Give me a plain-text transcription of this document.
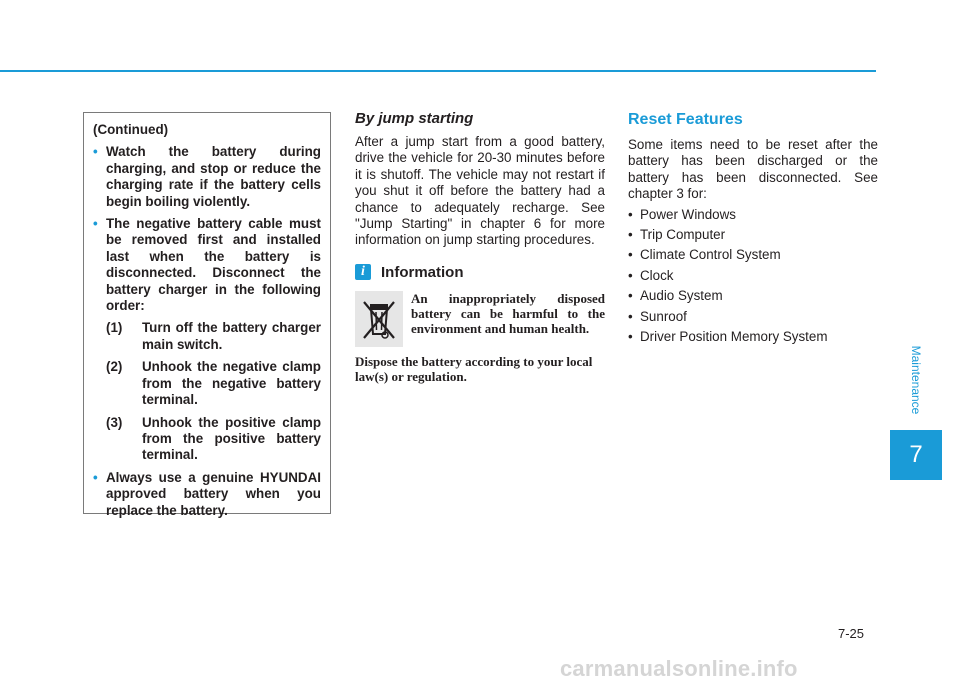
(Continued)
• Watch the battery during charging, and stop or reduce the charging rate if the battery cells begin boiling violently.
• The negative battery cable must be removed first and installed last when the battery is disconnected. Disconnect the battery charger in the following order:
(1) Turn off the battery charger main switch.
(2) Unhook the negative clamp from the negative battery terminal.
(3) Unhook the positive clamp from the positive battery terminal.
• Always use a genuine HYUNDAI approved battery when you replace the battery.
By jump starting

After a jump start from a good battery, drive the vehicle for 20-30 minutes before it is shutoff. The vehicle may not restart if you shut it off before the battery had a chance to adequately recharge. See "Jump Starting" in chapter 6 for more information on jump starting procedures.

i	Information
An inappropriately disposed battery can be harmful to the environment and human health.
Dispose the battery according to your local law(s) or regulation.
Reset Features

Some items need to be reset after the battery has been discharged or the battery has been disconnected. See chapter 3 for:

• Power Windows
• Trip Computer
• Climate Control System
• Clock
• Audio System
• Sunroof
• Driver Position Memory System
Maintenance
7
7-25
carmanualsonline.info
